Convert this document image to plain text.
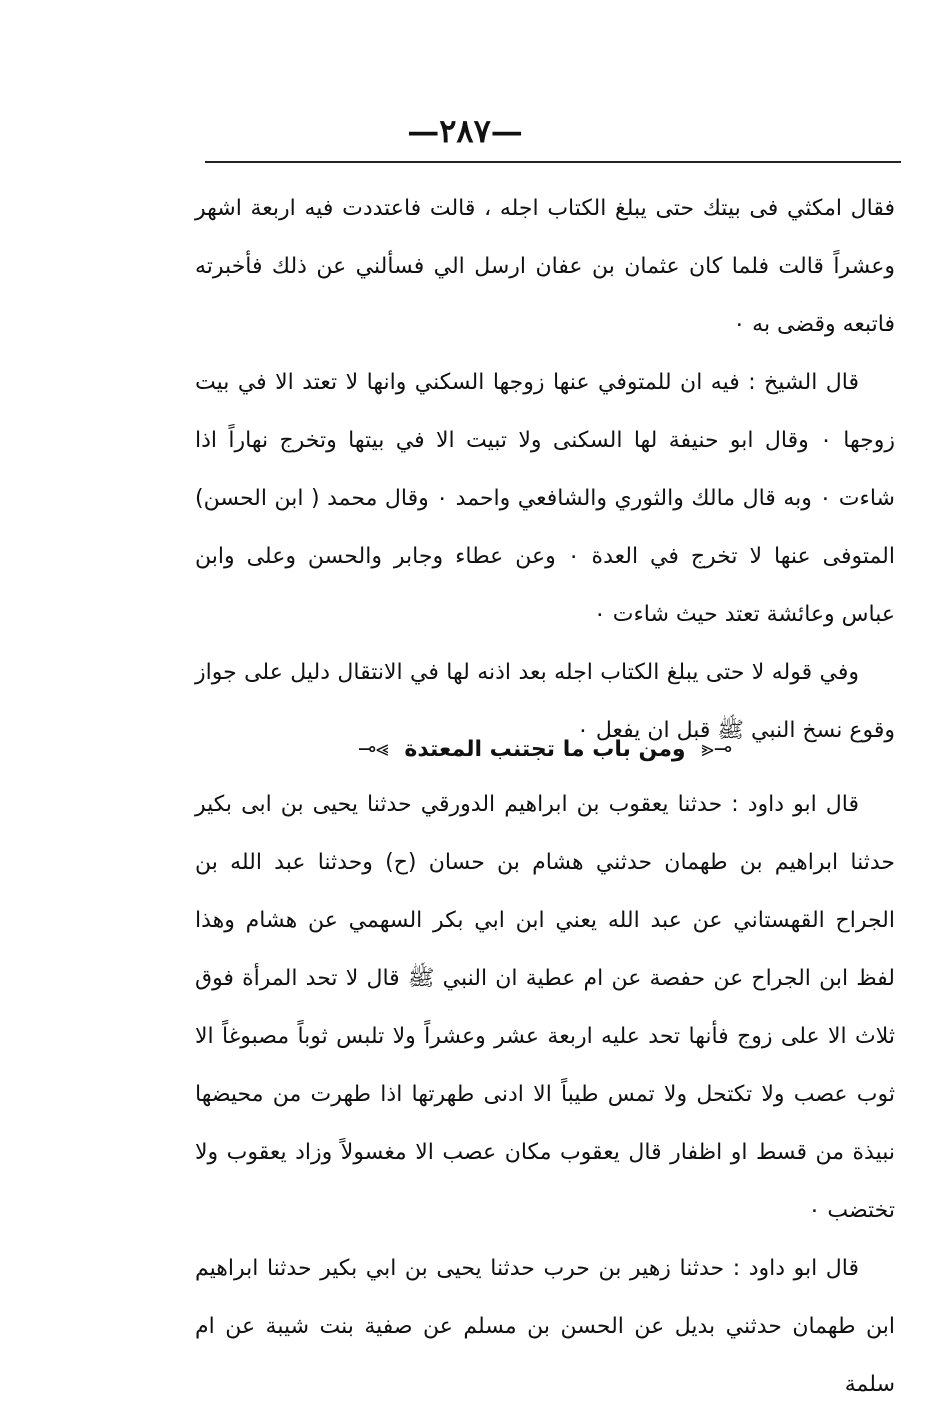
—٢٨٧—

فقال امكثي فى بيتك حتى يبلغ الكتاب اجله ، قالت فاعتددت فيه اربعة اشهر وعشراً قالت فلما كان عثمان بن عفان ارسل الي فسألني عن ذلك فأخبرته فاتبعه وقضى به ٠

قال الشيخ : فيه ان للمتوفي عنها زوجها السكني وانها لا تعتد الا في بيت زوجها ٠ وقال ابو حنيفة لها السكنى ولا تبيت الا في بيتها وتخرج نهاراً اذا شاءت ٠ وبه قال مالك والثوري والشافعي واحمد ٠ وقال محمد ( ابن الحسن) المتوفى عنها لا تخرج في العدة ٠ وعن عطاء وجابر والحسن وعلى وابن عباس وعائشة تعتد حيث شاءت ٠

وفي قوله لا حتى يبلغ الكتاب اجله بعد اذنه لها في الانتقال دليل على جواز وقوع نسخ النبي ﷺ قبل ان يفعل ٠

⊸⪡ ومن باب ما تجتنب المعتدة ⪢⊸

قال ابو داود : حدثنا يعقوب بن ابراهيم الدورقي حدثنا يحيى بن ابى بكير حدثنا ابراهيم بن طهمان حدثني هشام بن حسان (ح) وحدثنا عبد الله بن الجراح القهستاني عن عبد الله يعني ابن ابي بكر السهمي عن هشام وهذا لفظ ابن الجراح عن حفصة عن ام عطية ان النبي ﷺ قال لا تحد المرأة فوق ثلاث الا على زوج فأنها تحد عليه اربعة عشر وعشراً ولا تلبس ثوباً مصبوغاً الا ثوب عصب ولا تكتحل ولا تمس طيباً الا ادنى طهرتها اذا طهرت من محيضها نبيذة من قسط او اظفار قال يعقوب مكان عصب الا مغسولاً وزاد يعقوب ولا تختضب ٠

قال ابو داود : حدثنا زهير بن حرب حدثنا يحيى بن ابي بكير حدثنا ابراهيم ابن طهمان حدثني بديل عن الحسن بن مسلم عن صفية بنت شيبة عن ام سلمة
